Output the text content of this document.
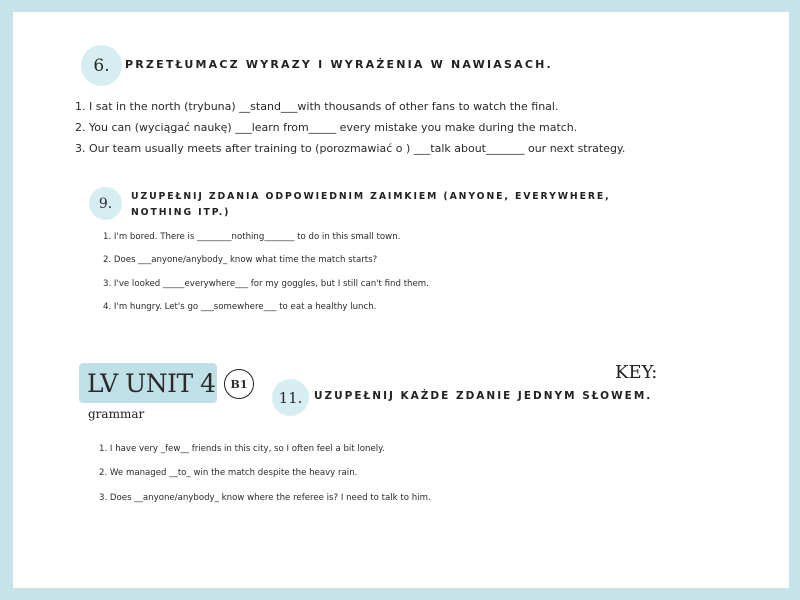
6.	PRZETŁUMACZ WYRAZY I WYRAŻENIA W NAWIASACH.
1. I sat in the north (trybuna) __stand___with thousands of other fans to watch the final.
2. You can (wyciągać naukę) ___learn from_____ every mistake you make during the match.
3. Our team usually meets after training to (porozmawiać o ) ___talk about_______ our next strategy.
9.	UZUPEŁNIJ ZDANIA ODPOWIEDNIM ZAIMKIEM (ANYONE, EVERYWHERE,
NOTHING ITP.)
1. I'm bored. There is ________nothing_______ to do in this small town.
2. Does ___anyone/anybody_ know what time the match starts?
3. I've looked _____everywhere___ for my goggles, but I still can't find them.
4. I'm hungry. Let's go ___somewhere___ to eat a healthy lunch.
LV UNIT 4	B1
grammar
KEY:
11.	UZUPEŁNIJ KAŻDE ZDANIE JEDNYM SŁOWEM.
1. I have very _few__ friends in this city, so I often feel a bit lonely.
2. We managed __to_ win the match despite the heavy rain.
3. Does __anyone/anybody_ know where the referee is? I need to talk to him.
